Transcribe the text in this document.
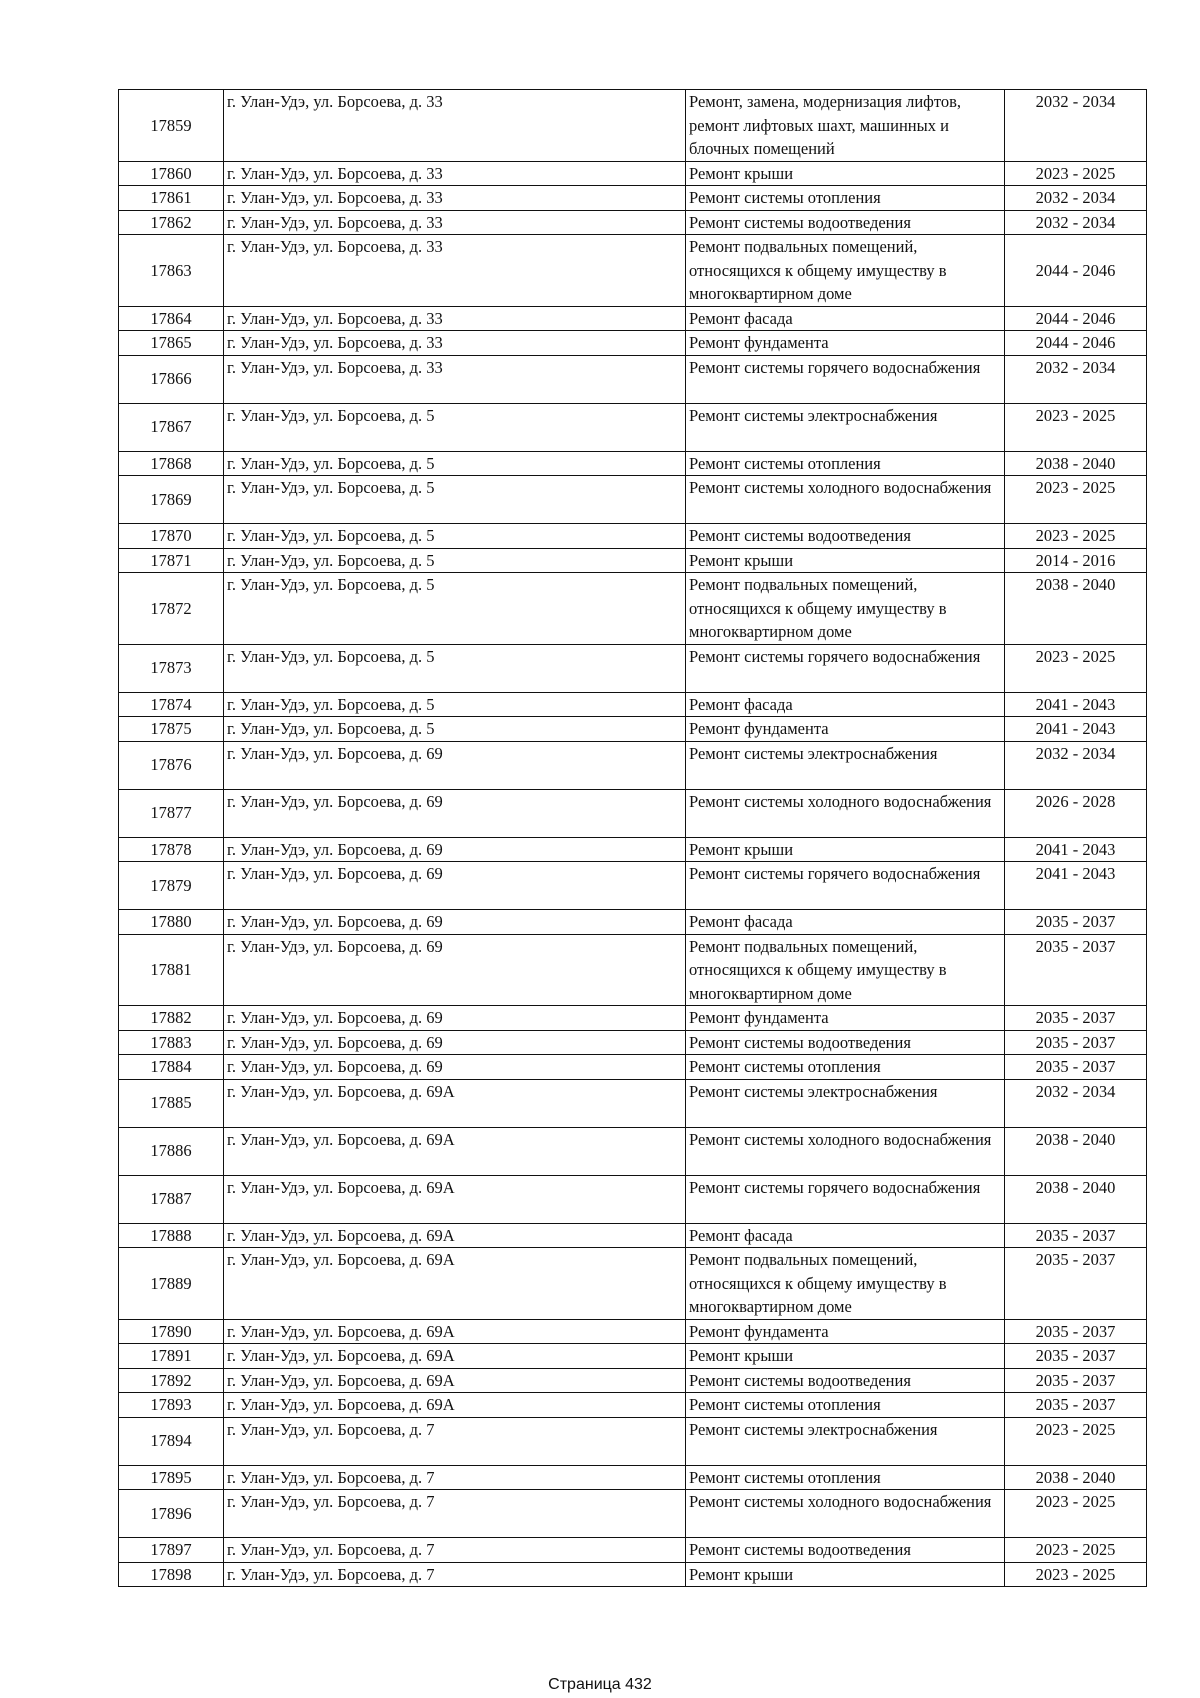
17859	г. Улан-Удэ, ул. Борсоева, д. 33	Ремонт, замена, модернизация лифтов, ремонт лифтовых шахт, машинных и блочных помещений	2032 - 2034
17860	г. Улан-Удэ, ул. Борсоева, д. 33	Ремонт крыши	2023 - 2025
17861	г. Улан-Удэ, ул. Борсоева, д. 33	Ремонт системы отопления	2032 - 2034
17862	г. Улан-Удэ, ул. Борсоева, д. 33	Ремонт системы водоотведения	2032 - 2034
17863	г. Улан-Удэ, ул. Борсоева, д. 33	Ремонт подвальных помещений, относящихся к общему имуществу в многоквартирном доме	2044 - 2046
17864	г. Улан-Удэ, ул. Борсоева, д. 33	Ремонт фасада	2044 - 2046
17865	г. Улан-Удэ, ул. Борсоева, д. 33	Ремонт фундамента	2044 - 2046
17866	г. Улан-Удэ, ул. Борсоева, д. 33	Ремонт системы горячего водоснабжения	2032 - 2034
17867	г. Улан-Удэ, ул. Борсоева, д. 5	Ремонт системы электроснабжения	2023 - 2025
17868	г. Улан-Удэ, ул. Борсоева, д. 5	Ремонт системы отопления	2038 - 2040
17869	г. Улан-Удэ, ул. Борсоева, д. 5	Ремонт системы холодного водоснабжения	2023 - 2025
17870	г. Улан-Удэ, ул. Борсоева, д. 5	Ремонт системы водоотведения	2023 - 2025
17871	г. Улан-Удэ, ул. Борсоева, д. 5	Ремонт крыши	2014 - 2016
17872	г. Улан-Удэ, ул. Борсоева, д. 5	Ремонт подвальных помещений, относящихся к общему имуществу в многоквартирном доме	2038 - 2040
17873	г. Улан-Удэ, ул. Борсоева, д. 5	Ремонт системы горячего водоснабжения	2023 - 2025
17874	г. Улан-Удэ, ул. Борсоева, д. 5	Ремонт фасада	2041 - 2043
17875	г. Улан-Удэ, ул. Борсоева, д. 5	Ремонт фундамента	2041 - 2043
17876	г. Улан-Удэ, ул. Борсоева, д. 69	Ремонт системы электроснабжения	2032 - 2034
17877	г. Улан-Удэ, ул. Борсоева, д. 69	Ремонт системы холодного водоснабжения	2026 - 2028
17878	г. Улан-Удэ, ул. Борсоева, д. 69	Ремонт крыши	2041 - 2043
17879	г. Улан-Удэ, ул. Борсоева, д. 69	Ремонт системы горячего водоснабжения	2041 - 2043
17880	г. Улан-Удэ, ул. Борсоева, д. 69	Ремонт фасада	2035 - 2037
17881	г. Улан-Удэ, ул. Борсоева, д. 69	Ремонт подвальных помещений, относящихся к общему имуществу в многоквартирном доме	2035 - 2037
17882	г. Улан-Удэ, ул. Борсоева, д. 69	Ремонт фундамента	2035 - 2037
17883	г. Улан-Удэ, ул. Борсоева, д. 69	Ремонт системы водоотведения	2035 - 2037
17884	г. Улан-Удэ, ул. Борсоева, д. 69	Ремонт системы отопления	2035 - 2037
17885	г. Улан-Удэ, ул. Борсоева, д. 69А	Ремонт системы электроснабжения	2032 - 2034
17886	г. Улан-Удэ, ул. Борсоева, д. 69А	Ремонт системы холодного водоснабжения	2038 - 2040
17887	г. Улан-Удэ, ул. Борсоева, д. 69А	Ремонт системы горячего водоснабжения	2038 - 2040
17888	г. Улан-Удэ, ул. Борсоева, д. 69А	Ремонт фасада	2035 - 2037
17889	г. Улан-Удэ, ул. Борсоева, д. 69А	Ремонт подвальных помещений, относящихся к общему имуществу в многоквартирном доме	2035 - 2037
17890	г. Улан-Удэ, ул. Борсоева, д. 69А	Ремонт фундамента	2035 - 2037
17891	г. Улан-Удэ, ул. Борсоева, д. 69А	Ремонт крыши	2035 - 2037
17892	г. Улан-Удэ, ул. Борсоева, д. 69А	Ремонт системы водоотведения	2035 - 2037
17893	г. Улан-Удэ, ул. Борсоева, д. 69А	Ремонт системы отопления	2035 - 2037
17894	г. Улан-Удэ, ул. Борсоева, д. 7	Ремонт системы электроснабжения	2023 - 2025
17895	г. Улан-Удэ, ул. Борсоева, д. 7	Ремонт системы отопления	2038 - 2040
17896	г. Улан-Удэ, ул. Борсоева, д. 7	Ремонт системы холодного водоснабжения	2023 - 2025
17897	г. Улан-Удэ, ул. Борсоева, д. 7	Ремонт системы водоотведения	2023 - 2025
17898	г. Улан-Удэ, ул. Борсоева, д. 7	Ремонт крыши	2023 - 2025
Страница 432
